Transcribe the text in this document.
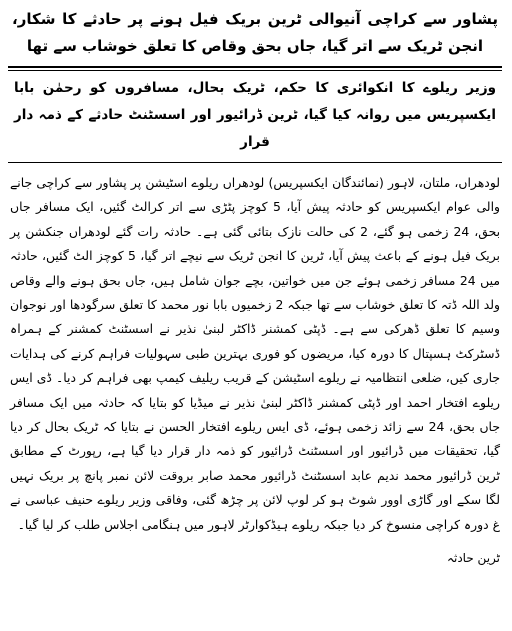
پشاور سے کراچی آنیوالی ٹرین بریک فیل ہونے پر حادثے کا شکار، انجن ٹریک سے اتر گیا، جاں بحق وقاص کا تعلق خوشاب سے تھا
وزیر ریلوے کا انکوائری کا حکم، ٹریک بحال، مسافروں کو رحمٰن بابا ایکسپریس میں روانہ کیا گیا، ٹرین ڈرائیور اور اسسٹنٹ حادثے کے ذمہ دار قرار

لودھراں، ملتان، لاہور (نمائندگان ایکسپریس) لودھراں ریلوے اسٹیشن پر پشاور سے کراچی جانے والی عوام ایکسپریس کو حادثہ پیش آیا، 5 کوچز پٹڑی سے اتر کرالٹ گئیں، ایک مسافر جاں بحق، 24 زخمی ہو گئے، 2 کی حالت نازک بتائی گئی ہے۔ حادثہ رات گئے لودھراں جنکشن پر بریک فیل ہونے کے باعث پیش آیا، ٹرین کا انجن ٹریک سے نیچے اتر گیا، 5 کوچز الٹ گئیں، حادثہ میں 24 مسافر زخمی ہوئے جن میں خواتین، بچے جوان شامل ہیں، جاں بحق ہونے والے وقاص ولد اللہ ڈتہ کا تعلق خوشاب سے تھا جبکہ 2 زخمیوں بابا نور محمد کا تعلق سرگودھا اور نوجوان وسیم کا تعلق ڈھرکی سے ہے۔ ڈپٹی کمشنر ڈاکٹر لبنیٰ نذیر نے اسسٹنٹ کمشنر کے ہمراہ ڈسٹرکٹ ہسپتال کا دورہ کیا، مریضوں کو فوری بہترین طبی سہولیات فراہم کرنے کی ہدایات جاری کیں، ضلعی انتظامیہ نے ریلوے اسٹیشن کے قریب ریلیف کیمپ بھی فراہم کر دیا۔ ڈی ایس ریلوے افتخار احمد اور ڈپٹی کمشنر ڈاکٹر لبنیٰ نذیر نے میڈیا کو بتایا کہ حادثہ میں ایک مسافر جاں بحق، 24 سے زائد زخمی ہوئے، ڈی ایس ریلوے افتخار الحسن نے بتایا کہ ٹریک بحال کر دیا گیا، تحقیقات میں ڈرائیور اور اسسٹنٹ ڈرائیور کو ذمہ دار قرار دیا گیا ہے، رپورٹ کے مطابق ٹرین ڈرائیور محمد ندیم عابد اسسٹنٹ ڈرائیور محمد صابر بروقت لائن نمبر پانچ پر بریک نہیں لگا سکے اور گاڑی اوور شوٹ ہو کر لوپ لائن پر چڑھ گئی، وفاقی وزیر ریلوے حنیف عباسی نے غ دورہ کراچی منسوخ کر دیا جبکہ ریلوے ہیڈکوارٹر لاہور میں ہنگامی اجلاس طلب کر لیا گیا۔

ٹرین حادثہ
